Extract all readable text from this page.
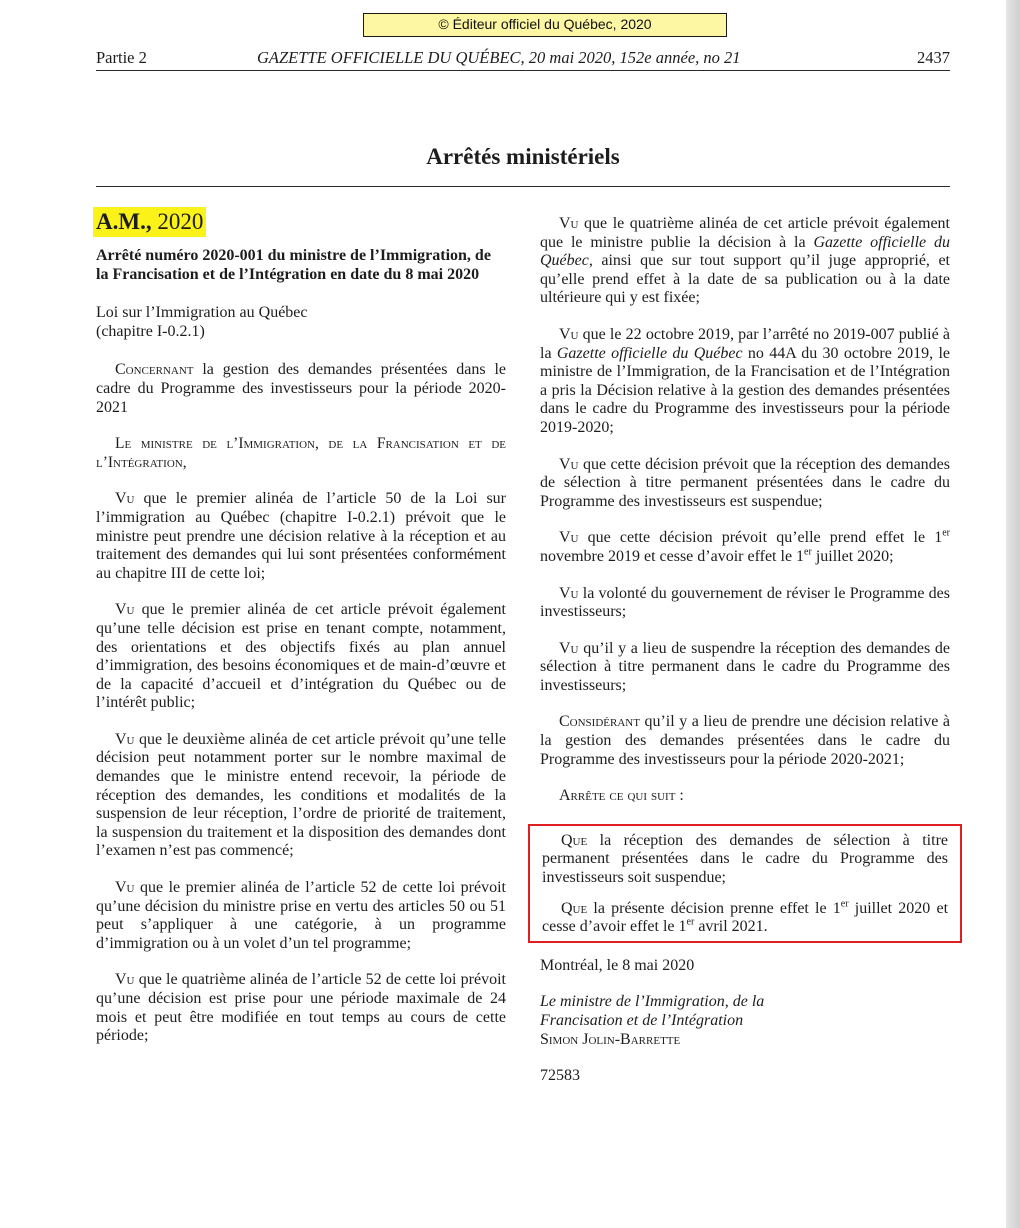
© Éditeur officiel du Québec, 2020
Partie 2	GAZETTE OFFICIELLE DU QUÉBEC, 20 mai 2020, 152e année, no 21	2437
Arrêtés ministériels
A.M., 2020

Arrêté numéro 2020-001 du ministre de l’Immigration, de la Francisation et de l’Intégration en date du 8 mai 2020

Loi sur l’Immigration au Québec
(chapitre I-0.2.1)

Concernant la gestion des demandes présentées dans le cadre du Programme des investisseurs pour la période 2020-2021

Le ministre de l’Immigration, de la Francisation et de l’Intégration,

Vu que le premier alinéa de l’article 50 de la Loi sur l’immigration au Québec (chapitre I-0.2.1) prévoit que le ministre peut prendre une décision relative à la réception et au traitement des demandes qui lui sont présentées conformément au chapitre III de cette loi;

Vu que le premier alinéa de cet article prévoit également qu’une telle décision est prise en tenant compte, notamment, des orientations et des objectifs fixés au plan annuel d’immigration, des besoins économiques et de main-d’œuvre et de la capacité d’accueil et d’intégration du Québec ou de l’intérêt public;

Vu que le deuxième alinéa de cet article prévoit qu’une telle décision peut notamment porter sur le nombre maximal de demandes que le ministre entend recevoir, la période de réception des demandes, les conditions et modalités de la suspension de leur réception, l’ordre de priorité de traitement, la suspension du traitement et la disposition des demandes dont l’examen n’est pas commencé;

Vu que le premier alinéa de l’article 52 de cette loi prévoit qu’une décision du ministre prise en vertu des articles 50 ou 51 peut s’appliquer à une catégorie, à un programme d’immigration ou à un volet d’un tel programme;

Vu que le quatrième alinéa de l’article 52 de cette loi prévoit qu’une décision est prise pour une période maximale de 24 mois et peut être modifiée en tout temps au cours de cette période;

Vu que le quatrième alinéa de cet article prévoit également que le ministre publie la décision à la Gazette officielle du Québec, ainsi que sur tout support qu’il juge approprié, et qu’elle prend effet à la date de sa publication ou à la date ultérieure qui y est fixée;

Vu que le 22 octobre 2019, par l’arrêté no 2019-007 publié à la Gazette officielle du Québec no 44A du 30 octobre 2019, le ministre de l’Immigration, de la Francisation et de l’Intégration a pris la Décision relative à la gestion des demandes présentées dans le cadre du Programme des investisseurs pour la période 2019-2020;

Vu que cette décision prévoit que la réception des demandes de sélection à titre permanent présentées dans le cadre du Programme des investisseurs est suspendue;

Vu que cette décision prévoit qu’elle prend effet le 1er novembre 2019 et cesse d’avoir effet le 1er juillet 2020;

Vu la volonté du gouvernement de réviser le Programme des investisseurs;

Vu qu’il y a lieu de suspendre la réception des demandes de sélection à titre permanent dans le cadre du Programme des investisseurs;

Considérant qu’il y a lieu de prendre une décision relative à la gestion des demandes présentées dans le cadre du Programme des investisseurs pour la période 2020-2021;

Arrête ce qui suit :

Que la réception des demandes de sélection à titre permanent présentées dans le cadre du Programme des investisseurs soit suspendue;

Que la présente décision prenne effet le 1er juillet 2020 et cesse d’avoir effet le 1er avril 2021.

Montréal, le 8 mai 2020

Le ministre de l’Immigration, de la
Francisation et de l’Intégration
Simon Jolin-Barrette

72583
